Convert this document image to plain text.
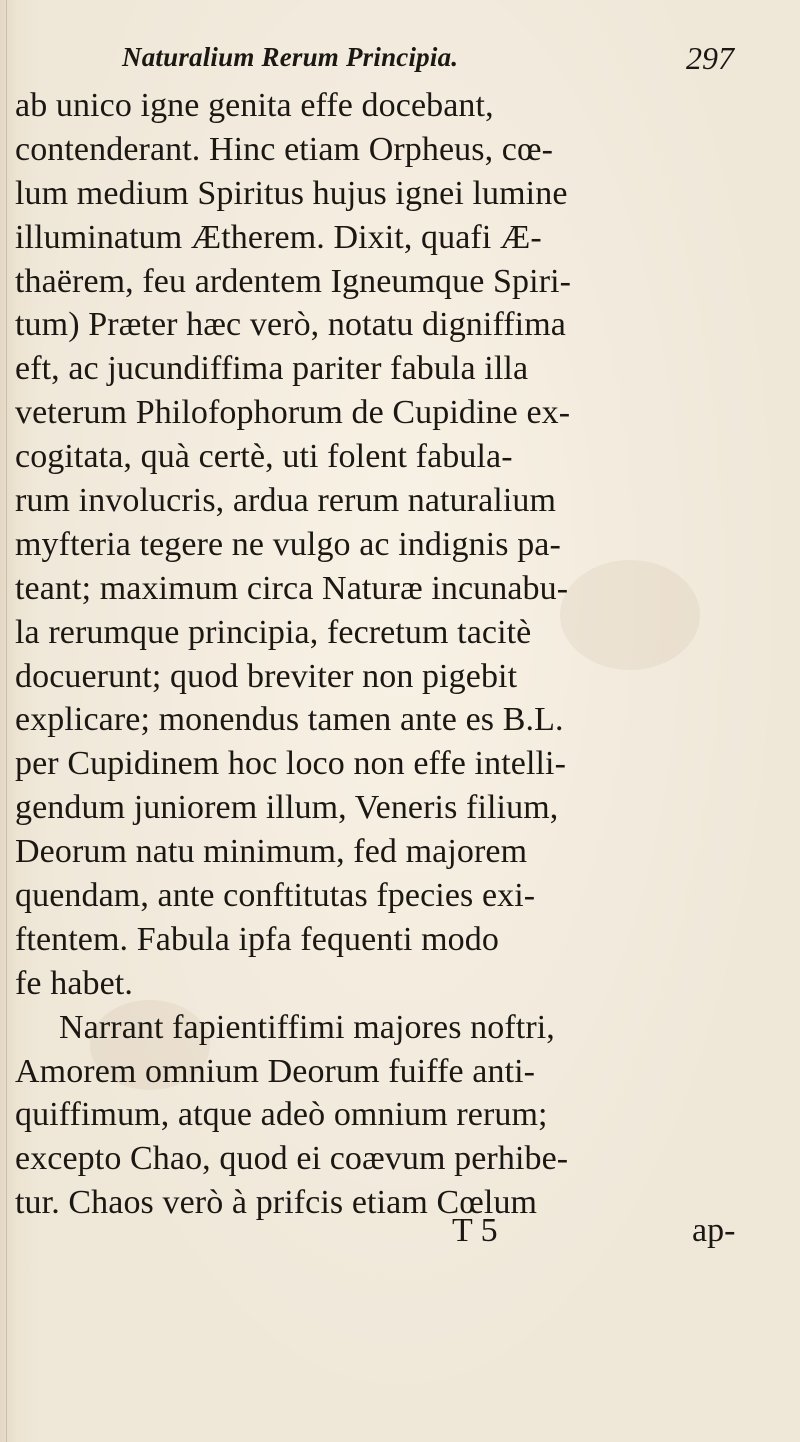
Naturalium Rerum Principia.	297
ab unico igne genita effe docebant,
contenderant. Hinc etiam Orpheus, cœ-
lum medium Spiritus hujus ignei lumine
illuminatum Ætherem. Dixit, quafi Æ-
thaërem, feu ardentem Igneumque Spiri-
tum) Præter hæc verò, notatu digniffima
eft, ac jucundiffima pariter fabula illa
veterum Philofophorum de Cupidine ex-
cogitata, quà certè, uti folent fabula-
rum involucris, ardua rerum naturalium
myfteria tegere ne vulgo ac indignis pa-
teant; maximum circa Naturæ incunabu-
la rerumque principia, fecretum tacitè
docuerunt; quod breviter non pigebit
explicare; monendus tamen ante es B.L.
per Cupidinem hoc loco non effe intelli-
gendum juniorem illum, Veneris filium,
Deorum natu minimum, fed majorem
quendam, ante conftitutas fpecies exi-
ftentem. Fabula ipfa fequenti modo
fe habet.
Narrant fapientiffimi majores noftri,
Amorem omnium Deorum fuiffe anti-
quiffimum, atque adeò omnium rerum;
excepto Chao, quod ei coævum perhibe-
tur. Chaos verò à prifcis etiam Cœlum
T 5	ap-
